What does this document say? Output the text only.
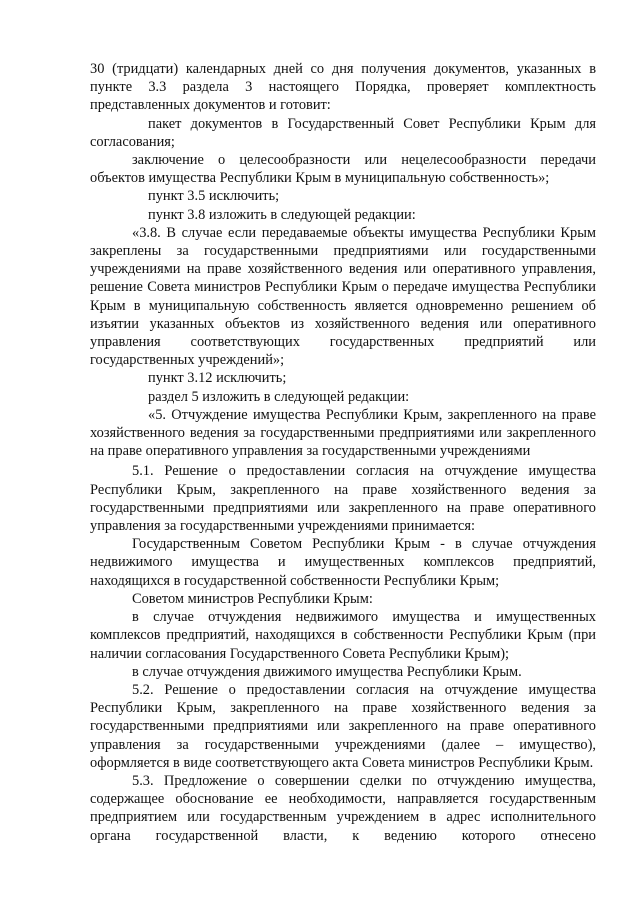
30 (тридцати) календарных дней со дня получения документов, указанных в пункте 3.3 раздела 3 настоящего Порядка, проверяет комплектность представленных документов и готовит:

пакет документов в Государственный Совет Республики Крым для согласования;

заключение о целесообразности или нецелесообразности передачи объектов имущества Республики Крым в муниципальную собственность»;

пункт 3.5 исключить;

пункт 3.8 изложить в следующей редакции:

«3.8. В случае если передаваемые объекты имущества Республики Крым закреплены за государственными предприятиями или государственными учреждениями на праве хозяйственного ведения или оперативного управления, решение Совета министров Республики Крым о передаче имущества Республики Крым в муниципальную собственность является одновременно решением об изъятии указанных объектов из хозяйственного ведения или оперативного управления соответствующих государственных предприятий или государственных учреждений»;

пункт 3.12 исключить;

раздел 5 изложить в следующей редакции:

«5. Отчуждение имущества Республики Крым, закрепленного на праве хозяйственного ведения за государственными предприятиями или закрепленного на праве оперативного управления за государственными учреждениями

5.1. Решение о предоставлении согласия на отчуждение имущества Республики Крым, закрепленного на праве хозяйственного ведения за государственными предприятиями или закрепленного на праве оперативного управления за государственными учреждениями принимается:

Государственным Советом Республики Крым - в случае отчуждения недвижимого имущества и имущественных комплексов предприятий, находящихся в государственной собственности Республики Крым;

Советом министров Республики Крым:

в случае отчуждения недвижимого имущества и имущественных комплексов предприятий, находящихся в собственности Республики Крым (при наличии согласования Государственного Совета Республики Крым);

в случае отчуждения движимого имущества Республики Крым.

5.2. Решение о предоставлении согласия на отчуждение имущества Республики Крым, закрепленного на праве хозяйственного ведения за государственными предприятиями или закрепленного на праве оперативного управления за государственными учреждениями (далее – имущество), оформляется в виде соответствующего акта Совета министров Республики Крым.

5.3. Предложение о совершении сделки по отчуждению имущества, содержащее обоснование ее необходимости, направляется государственным предприятием или государственным учреждением в адрес исполнительного органа государственной власти, к ведению которого отнесено
